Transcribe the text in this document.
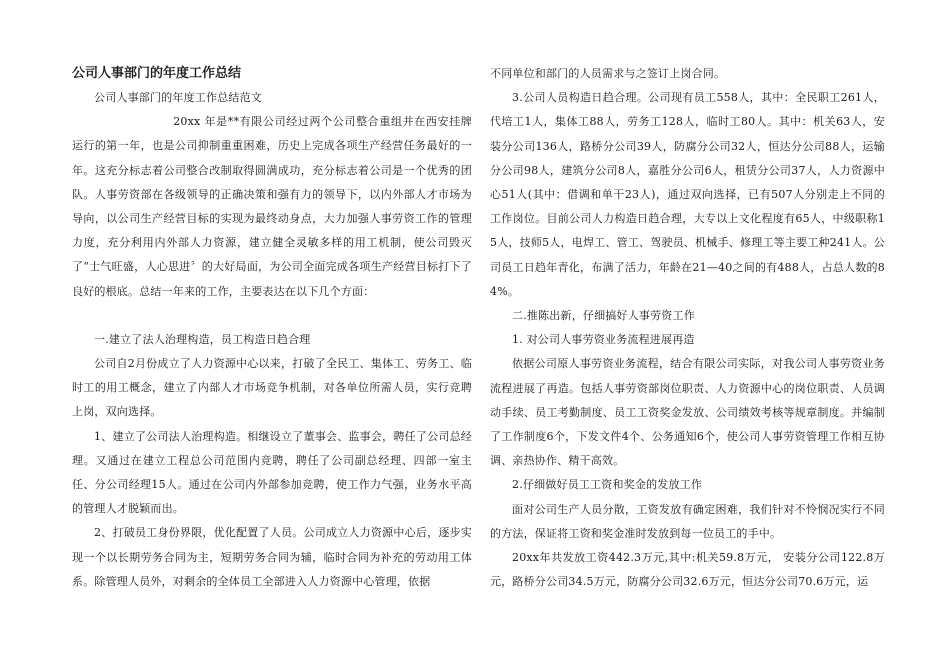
公司人事部门的年度工作总结

公司人事部门的年度工作总结范文

20xx 年是**有限公司经过两个公司整合重组并在西安挂牌运行的第一年，也是公司抑制重重困难，历史上完成各项生产经营任务最好的一年。这充分标志着公司整合改制取得圆满成功，充分标志着公司是一个优秀的团队。人事劳资部在各级领导的正确决策和强有力的领导下，以内外部人才市场为导向，以公司生产经营目标的实现为最终动身点，大力加强人事劳资工作的管理力度，充分利用内外部人力资源，建立健全灵敏多样的用工机制，使公司毁灭了“士气旺盛，人心思进〞的大好局面，为公司全面完成各项生产经营目标打下了良好的根底。总结一年来的工作，主要表达在以下几个方面：

一.建立了法人治理构造，员工构造日趋合理

公司自2月份成立了人力资源中心以来，打破了全民工、集体工、劳务工、临时工的用工概念，建立了内部人才市场竞争机制，对各单位所需人员，实行竞聘上岗，双向选择。

1、建立了公司法人治理构造。相继设立了董事会、监事会，聘任了公司总经理。又通过在建立工程总公司范围内竞聘，聘任了公司副总经理、四部一室主任、分公司经理15人。通过在公司内外部参加竞聘，使工作力气强，业务水平高的管理人才脱颖而出。

2、打破员工身份界限，优化配置了人员。公司成立人力资源中心后，逐步实现一个以长期劳务合同为主，短期劳务合同为辅，临时合同为补充的劳动用工体系。除管理人员外，对剩余的全体员工全部进入人力资源中心管理，依据

不同单位和部门的人员需求与之签订上岗合同。

3.公司人员构造日趋合理。公司现有员工558人，其中：全民职工261人，代培工1人，集体工88人，劳务工128人，临时工80人。其中：机关63人，安装分公司136人，路桥分公司39人，防腐分公司32人，恒达分公司88人，运输分公司98人，建筑分公司8人，嘉胜分公司6人，租赁分公司37人，人力资源中心51人(其中：借调和单干23人)，通过双向选择，已有507人分别走上不同的工作岗位。目前公司人力构造日趋合理，大专以上文化程度有65人，中级职称15人，技师5人，电焊工、管工、驾驶员、机械手、修理工等主要工种241人。公司员工日趋年青化，布满了活力，年龄在21—40之间的有488人，占总人数的84%。

二.推陈出新，仔细搞好人事劳资工作

1. 对公司人事劳资业务流程进展再造

依据公司原人事劳资业务流程，结合有限公司实际，对我公司人事劳资业务流程进展了再造。包括人事劳资部岗位职责、人力资源中心的岗位职责、人员调动手续、员工考勤制度、员工工资奖金发放、公司绩效考核等规章制度。并编制了工作制度6个，下发文件4个、公务通知6个，使公司人事劳资管理工作相互协调、亲热协作、精干高效。

2.仔细做好员工工资和奖金的发放工作

面对公司生产人员分散，工资发放有确定困难，我们针对不怜悯况实行不同的方法，保证将工资和奖金准时发放到每一位员工的手中。

20xx年共发放工资442.3万元,其中:机关59.8万元， 安装分公司122.8万元，路桥分公司34.5万元，防腐分公司32.6万元，恒达分公司70.6万元，运
